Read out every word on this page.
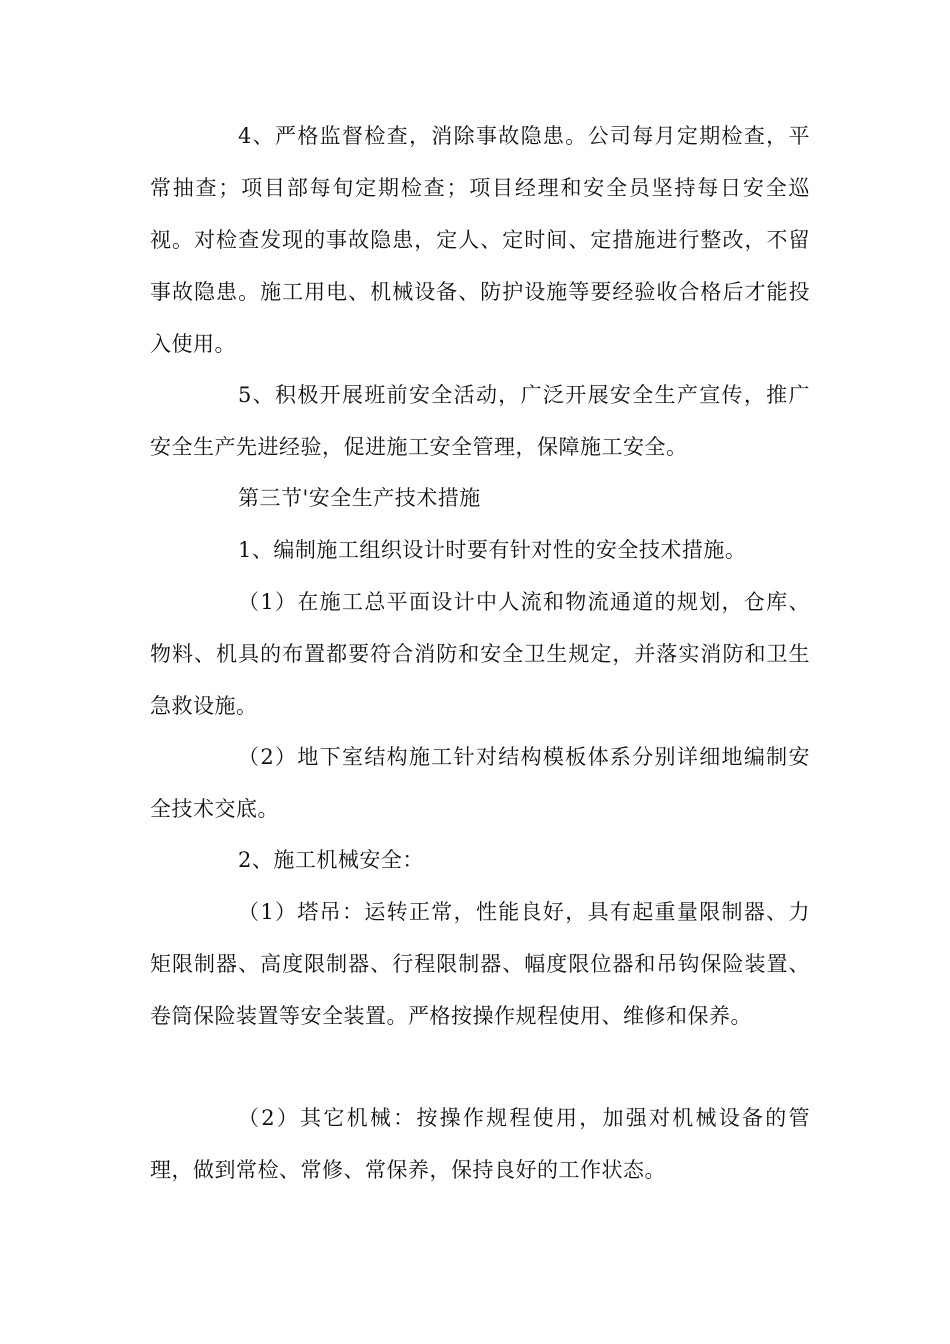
4、严格监督检查，消除事故隐患。公司每月定期检查，平常抽查；项目部每旬定期检查；项目经理和安全员坚持每日安全巡视。对检查发现的事故隐患，定人、定时间、定措施进行整改，不留事故隐患。施工用电、机械设备、防护设施等要经验收合格后才能投入使用。

5、积极开展班前安全活动，广泛开展安全生产宣传，推广安全生产先进经验，促进施工安全管理，保障施工安全。

第三节'安全生产技术措施

1、编制施工组织设计时要有针对性的安全技术措施。

（1）在施工总平面设计中人流和物流通道的规划，仓库、物料、机具的布置都要符合消防和安全卫生规定，并落实消防和卫生急救设施。

（2）地下室结构施工针对结构模板体系分别详细地编制安全技术交底。

2、施工机械安全：

（1）塔吊：运转正常，性能良好，具有起重量限制器、力矩限制器、高度限制器、行程限制器、幅度限位器和吊钩保险装置、卷筒保险装置等安全装置。严格按操作规程使用、维修和保养。

（2）其它机械：按操作规程使用，加强对机械设备的管理，做到常检、常修、常保养，保持良好的工作状态。
